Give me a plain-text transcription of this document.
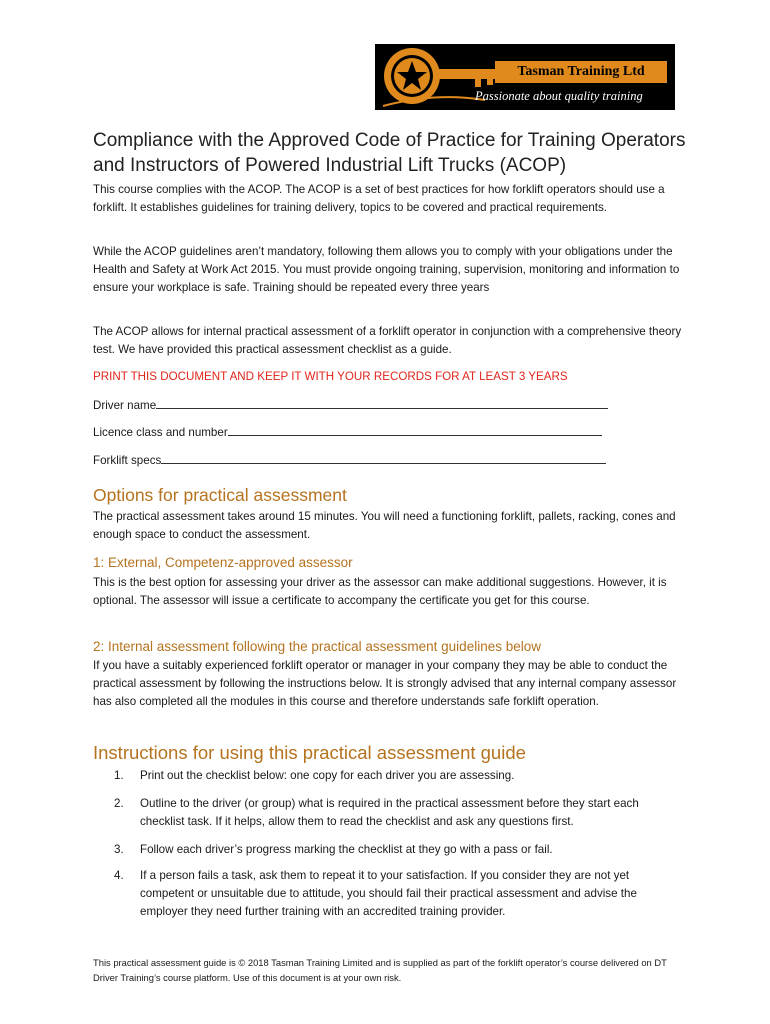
Tasman Training Ltd
Passionate about quality training
Compliance with the Approved Code of Practice for Training Operators and Instructors of Powered Industrial Lift Trucks (ACOP)

This course complies with the ACOP. The ACOP is a set of best practices for how forklift operators should use a forklift. It establishes guidelines for training delivery, topics to be covered and practical requirements.

While the ACOP guidelines aren’t mandatory, following them allows you to comply with your obligations under the Health and Safety at Work Act 2015. You must provide ongoing training, supervision, monitoring and information to ensure your workplace is safe. Training should be repeated every three years

The ACOP allows for internal practical assessment of a forklift operator in conjunction with a comprehensive theory test. We have provided this practical assessment checklist as a guide.

PRINT THIS DOCUMENT AND KEEP IT WITH YOUR RECORDS FOR AT LEAST 3 YEARS

Driver name
Licence class and number
Forklift specs
Options for practical assessment

The practical assessment takes around 15 minutes. You will need a functioning forklift, pallets, racking, cones and enough space to conduct the assessment.

1: External, Competenz-approved assessor

This is the best option for assessing your driver as the assessor can make additional suggestions. However, it is optional. The assessor will issue a certificate to accompany the certificate you get for this course.

2: Internal assessment following the practical assessment guidelines below

If you have a suitably experienced forklift operator or manager in your company they may be able to conduct the practical assessment by following the instructions below. It is strongly advised that any internal company assessor has also completed all the modules in this course and therefore understands safe forklift operation.

Instructions for using this practical assessment guide
1. Print out the checklist below: one copy for each driver you are assessing.

2. Outline to the driver (or group) what is required in the practical assessment before they start each checklist task. If it helps, allow them to read the checklist and ask any questions first.

3. Follow each driver’s progress marking the checklist at they go with a pass or fail.

4. If a person fails a task, ask them to repeat it to your satisfaction. If you consider they are not yet competent or unsuitable due to attitude, you should fail their practical assessment and advise the employer they need further training with an accredited training provider.

This practical assessment guide is © 2018 Tasman Training Limited and is supplied as part of the forklift operator’s course delivered on DT Driver Training’s course platform. Use of this document is at your own risk.
